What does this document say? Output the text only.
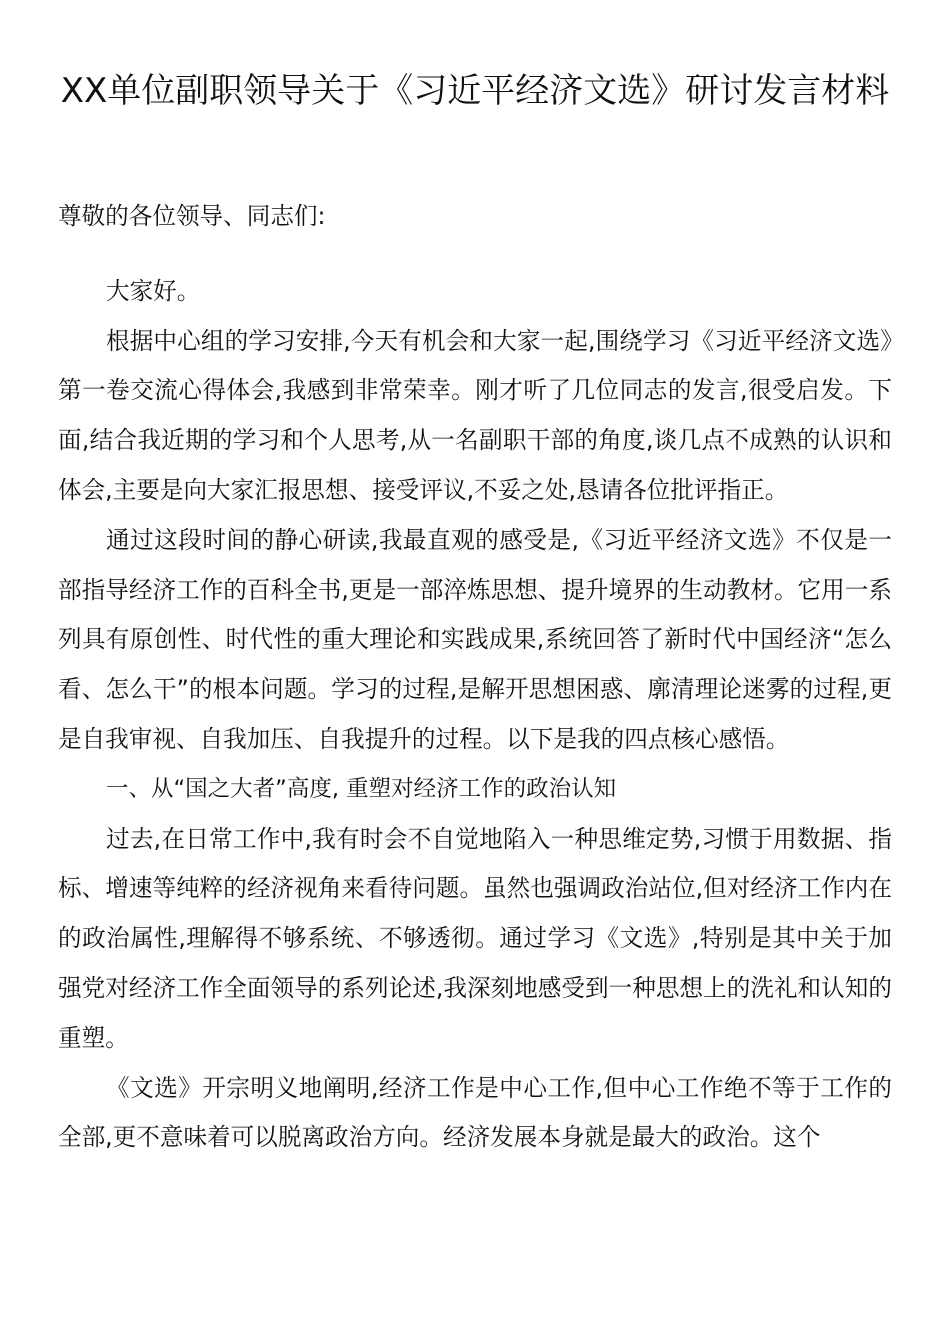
XX单位副职领导关于《习近平经济文选》研讨发言材料

尊敬的各位领导、同志们:

大家好。

根据中心组的学习安排,今天有机会和大家一起,围绕学习《习近平经济文选》第一卷交流心得体会,我感到非常荣幸。刚才听了几位同志的发言,很受启发。下面,结合我近期的学习和个人思考,从一名副职干部的角度,谈几点不成熟的认识和体会,主要是向大家汇报思想、接受评议,不妥之处,恳请各位批评指正。

通过这段时间的静心研读,我最直观的感受是,《习近平经济文选》不仅是一部指导经济工作的百科全书,更是一部淬炼思想、提升境界的生动教材。它用一系列具有原创性、时代性的重大理论和实践成果,系统回答了新时代中国经济“怎么看、怎么干”的根本问题。学习的过程,是解开思想困惑、廓清理论迷雾的过程,更是自我审视、自我加压、自我提升的过程。以下是我的四点核心感悟。

一、从“国之大者”高度, 重塑对经济工作的政治认知

过去,在日常工作中,我有时会不自觉地陷入一种思维定势,习惯于用数据、指标、增速等纯粹的经济视角来看待问题。虽然也强调政治站位,但对经济工作内在的政治属性,理解得不够系统、不够透彻。通过学习《文选》,特别是其中关于加强党对经济工作全面领导的系列论述,我深刻地感受到一种思想上的洗礼和认知的重塑。

《文选》开宗明义地阐明,经济工作是中心工作,但中心工作绝不等于工作的全部,更不意味着可以脱离政治方向。经济发展本身就是最大的政治。这个
